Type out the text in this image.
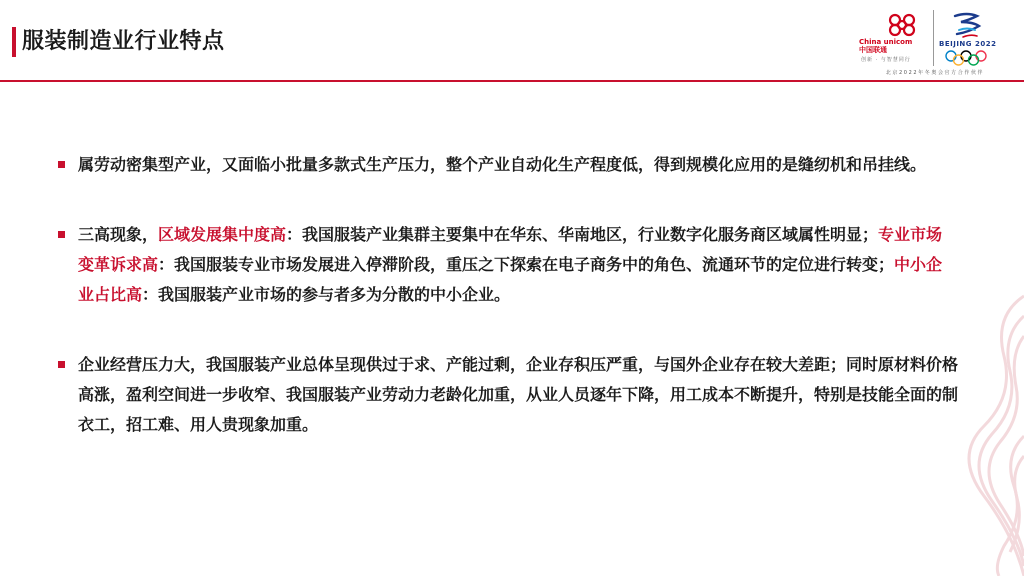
服装制造业行业特点	China unicom
中国联通
创新 · 与智慧同行
BEIJING 2022
北京2022年冬奥会官方合作伙伴
属劳动密集型产业，又面临小批量多款式生产压力，整个产业自动化生产程度低，得到规模化应用的是缝纫机和吊挂线。
三高现象，区域发展集中度高：我国服装产业集群主要集中在华东、华南地区，行业数字化服务商区域属性明显；专业市场变革诉求高：我国服装专业市场发展进入停滞阶段，重压之下探索在电子商务中的角色、流通环节的定位进行转变；中小企业占比高：我国服装产业市场的参与者多为分散的中小企业。
企业经营压力大，我国服装产业总体呈现供过于求、产能过剩，企业存积压严重，与国外企业存在较大差距；同时原材料价格高涨，盈利空间进一步收窄、我国服装产业劳动力老龄化加重，从业人员逐年下降，用工成本不断提升，特别是技能全面的制衣工，招工难、用人贵现象加重。
